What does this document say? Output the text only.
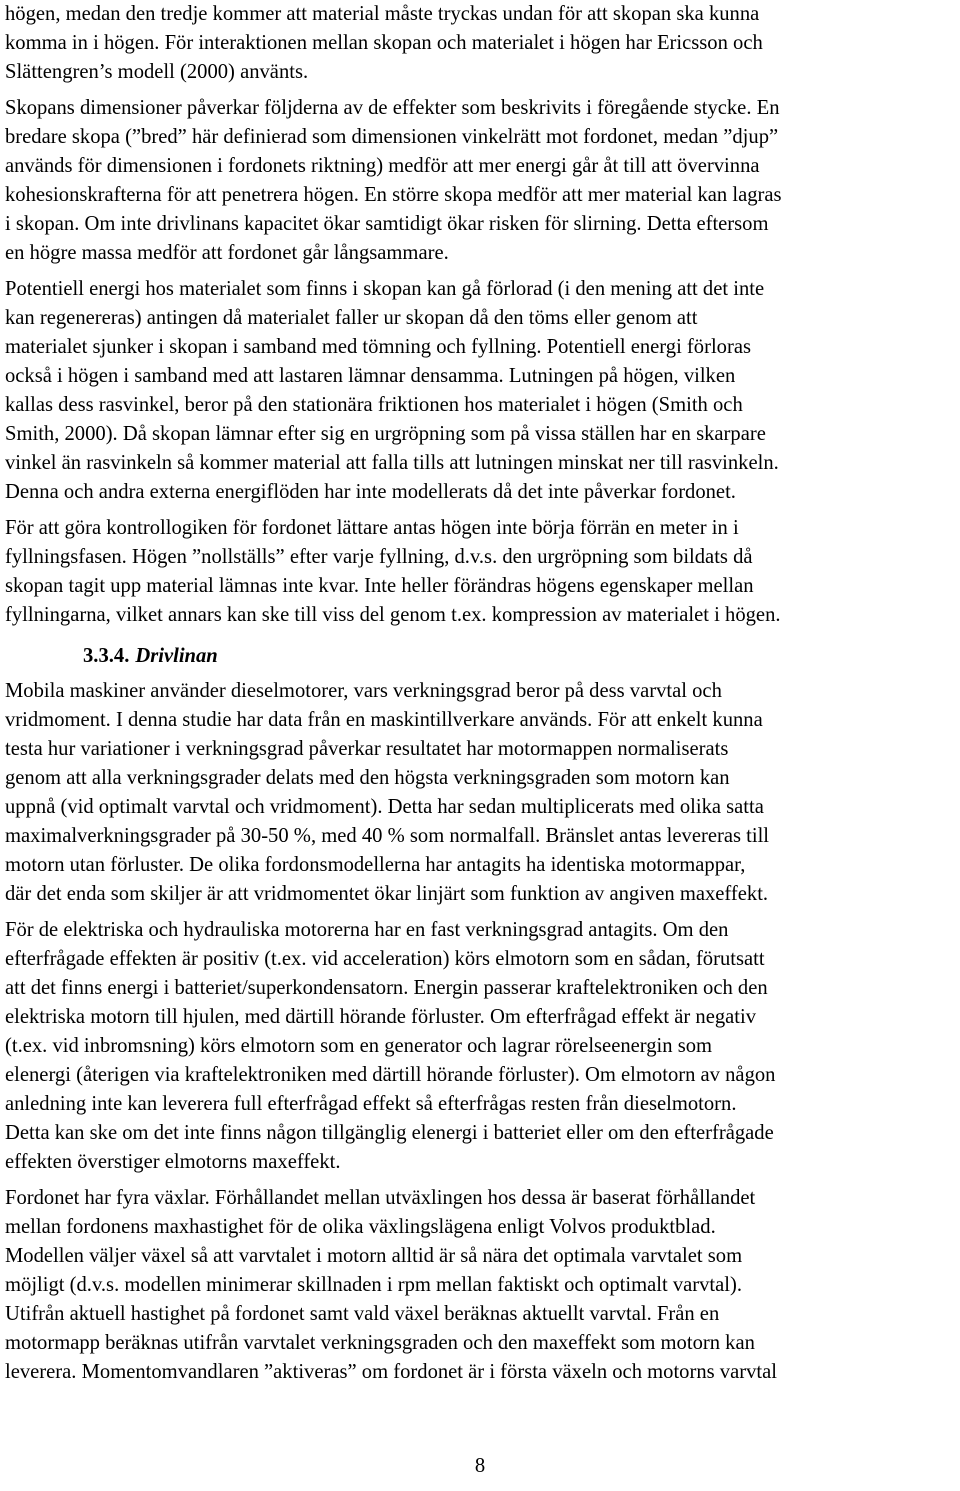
högen, medan den tredje kommer att material måste tryckas undan för att skopan ska kunna
komma in i högen. För interaktionen mellan skopan och materialet i högen har Ericsson och
Slättengren’s modell (2000) använts.

Skopans dimensioner påverkar följderna av de effekter som beskrivits i föregående stycke. En
bredare skopa (”bred” här definierad som dimensionen vinkelrätt mot fordonet, medan ”djup”
används för dimensionen i fordonets riktning) medför att mer energi går åt till att övervinna
kohesionskrafterna för att penetrera högen. En större skopa medför att mer material kan lagras
i skopan. Om inte drivlinans kapacitet ökar samtidigt ökar risken för slirning. Detta eftersom
en högre massa medför att fordonet går långsammare.

Potentiell energi hos materialet som finns i skopan kan gå förlorad (i den mening att det inte
kan regenereras) antingen då materialet faller ur skopan då den töms eller genom att
materialet sjunker i skopan i samband med tömning och fyllning. Potentiell energi förloras
också i högen i samband med att lastaren lämnar densamma. Lutningen på högen, vilken
kallas dess rasvinkel, beror på den stationära friktionen hos materialet i högen (Smith och
Smith, 2000). Då skopan lämnar efter sig en urgröpning som på vissa ställen har en skarpare
vinkel än rasvinkeln så kommer material att falla tills att lutningen minskat ner till rasvinkeln.
Denna och andra externa energiflöden har inte modellerats då det inte påverkar fordonet.

För att göra kontrollogiken för fordonet lättare antas högen inte börja förrän en meter in i
fyllningsfasen. Högen ”nollställs” efter varje fyllning, d.v.s. den urgröpning som bildats då
skopan tagit upp material lämnas inte kvar. Inte heller förändras högens egenskaper mellan
fyllningarna, vilket annars kan ske till viss del genom t.ex. kompression av materialet i högen.

3.3.4. Drivlinan

Mobila maskiner använder dieselmotorer, vars verkningsgrad beror på dess varvtal och
vridmoment. I denna studie har data från en maskintillverkare används. För att enkelt kunna
testa hur variationer i verkningsgrad påverkar resultatet har motormappen normaliserats
genom att alla verkningsgrader delats med den högsta verkningsgraden som motorn kan
uppnå (vid optimalt varvtal och vridmoment). Detta har sedan multiplicerats med olika satta
maximalverkningsgrader på 30-50 %, med 40 % som normalfall. Bränslet antas levereras till
motorn utan förluster. De olika fordonsmodellerna har antagits ha identiska motormappar,
där det enda som skiljer är att vridmomentet ökar linjärt som funktion av angiven maxeffekt.

För de elektriska och hydrauliska motorerna har en fast verkningsgrad antagits. Om den
efterfrågade effekten är positiv (t.ex. vid acceleration) körs elmotorn som en sådan, förutsatt
att det finns energi i batteriet/superkondensatorn. Energin passerar kraftelektroniken och den
elektriska motorn till hjulen, med därtill hörande förluster. Om efterfrågad effekt är negativ
(t.ex. vid inbromsning) körs elmotorn som en generator och lagrar rörelseenergin som
elenergi (återigen via kraftelektroniken med därtill hörande förluster). Om elmotorn av någon
anledning inte kan leverera full efterfrågad effekt så efterfrågas resten från dieselmotorn.
Detta kan ske om det inte finns någon tillgänglig elenergi i batteriet eller om den efterfrågade
effekten överstiger elmotorns maxeffekt.

Fordonet har fyra växlar. Förhållandet mellan utväxlingen hos dessa är baserat förhållandet
mellan fordonens maxhastighet för de olika växlingslägena enligt Volvos produktblad.
Modellen väljer växel så att varvtalet i motorn alltid är så nära det optimala varvtalet som
möjligt (d.v.s. modellen minimerar skillnaden i rpm mellan faktiskt och optimalt varvtal).
Utifrån aktuell hastighet på fordonet samt vald växel beräknas aktuellt varvtal. Från en
motormapp beräknas utifrån varvtalet verkningsgraden och den maxeffekt som motorn kan
leverera. Momentomvandlaren ”aktiveras” om fordonet är i första växeln och motorns varvtal

8
